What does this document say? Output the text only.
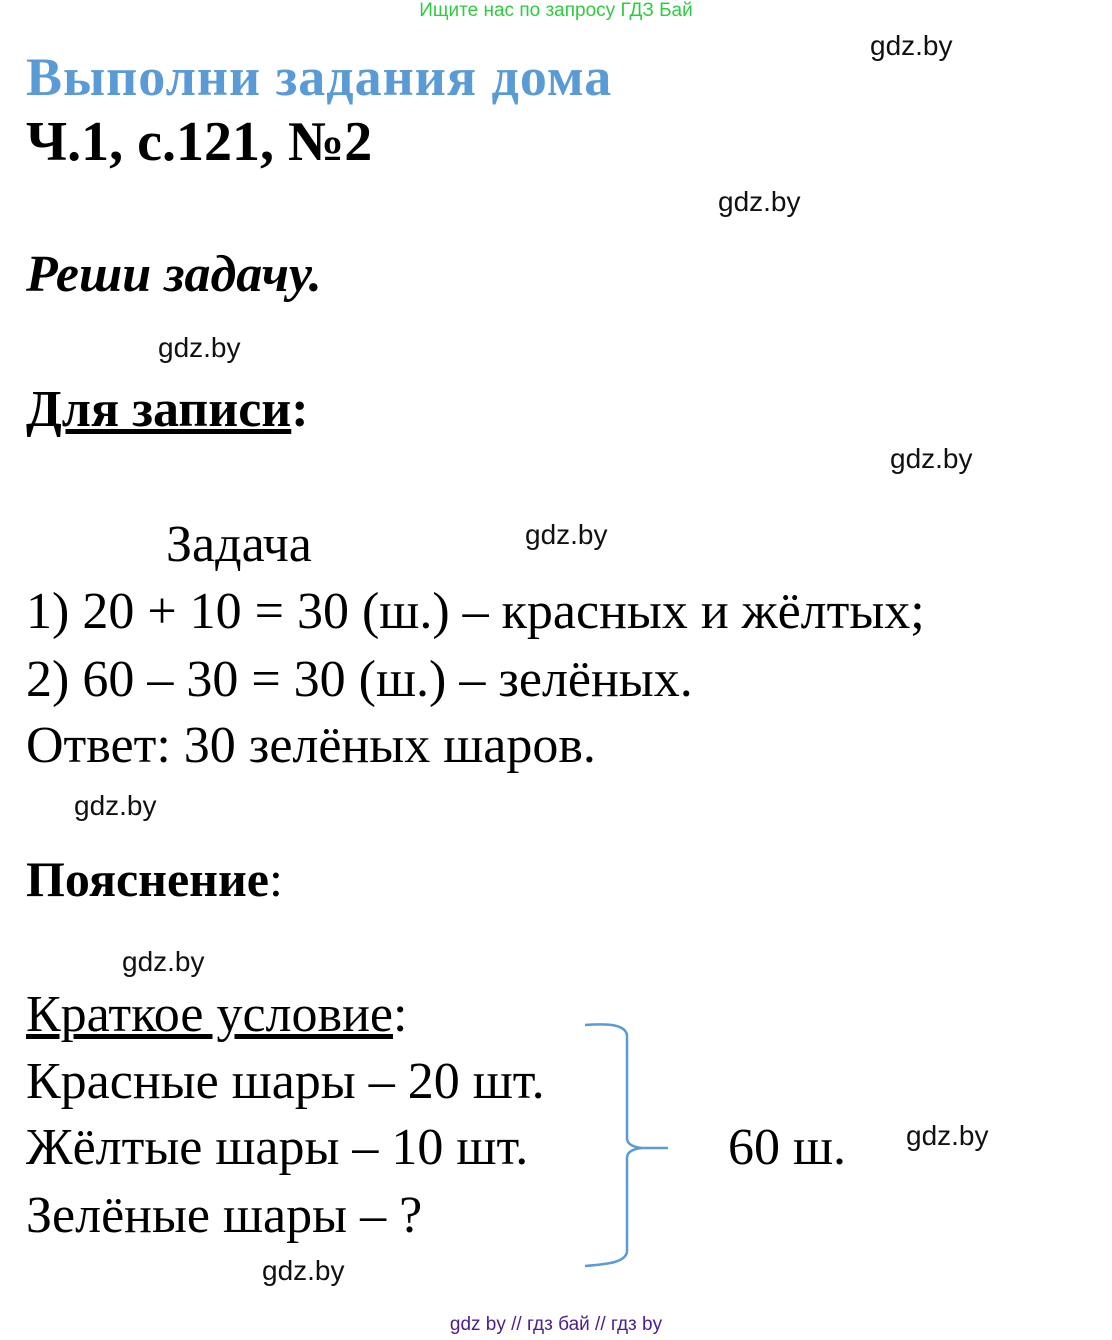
Ищите нас по запросу ГДЗ Бай
gdz.by
Выполни задания дома
Ч.1, с.121, №2
gdz.by
Реши задачу.
gdz.by
Для записи:
gdz.by
Задача	gdz.by
1) 20 + 10 = 30 (ш.) – красных и жёлтых;
2) 60 – 30 = 30 (ш.) – зелёных.
Ответ: 30 зелёных шаров.
gdz.by
Пояснение:
gdz.by
Краткое условие:
Красные шары – 20 шт.
Жёлтые шары – 10 шт.
Зелёные шары – ?
60 ш. gdz.by
gdz.by
gdz by // гдз бай // гдз by
